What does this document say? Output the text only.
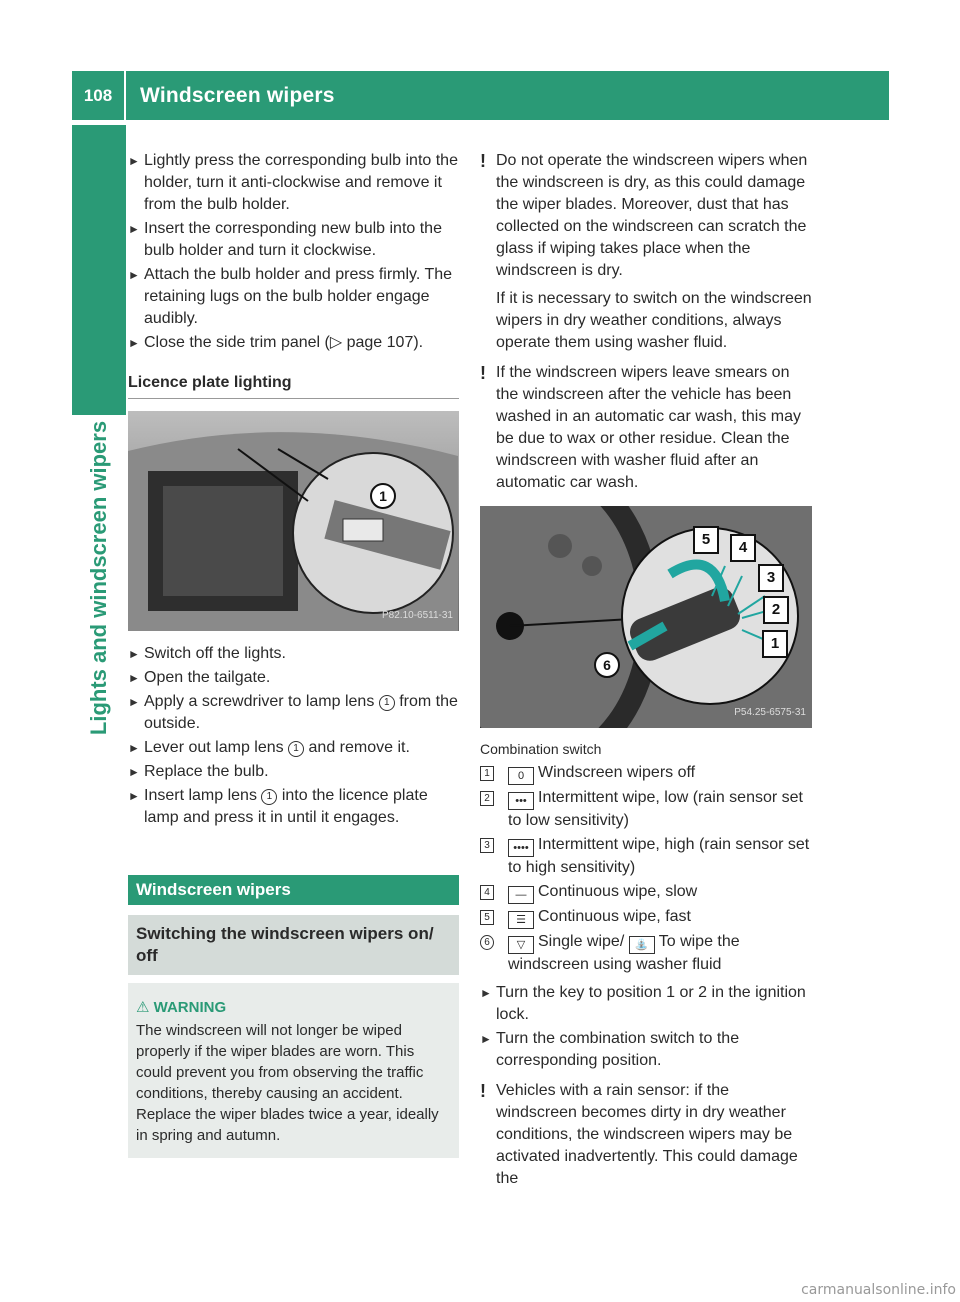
108	Windscreen wipers
Lights and windscreen wipers
► Lightly press the corresponding bulb into the holder, turn it anti-clockwise and remove it from the bulb holder.
► Insert the corresponding new bulb into the bulb holder and turn it clockwise.
► Attach the bulb holder and press firmly. The retaining lugs on the bulb holder engage audibly.
► Close the side trim panel (▷ page 107).
Licence plate lighting
1
P82.10-6511-31
► Switch off the lights.
► Open the tailgate.
► Apply a screwdriver to lamp lens 1 from the outside.
► Lever out lamp lens 1 and remove it.
► Replace the bulb.
► Insert lamp lens 1 into the licence plate lamp and press it in until it engages.
Windscreen wipers
Switching the windscreen wipers on/ off
⚠ WARNING
The windscreen will not longer be wiped properly if the wiper blades are worn. This could prevent you from observing the traffic conditions, thereby causing an accident. Replace the wiper blades twice a year, ideally in spring and autumn.
! Do not operate the windscreen wipers when the windscreen is dry, as this could damage the wiper blades. Moreover, dust that has collected on the windscreen can scratch the glass if wiping takes place when the windscreen is dry.

If it is necessary to switch on the windscreen wipers in dry weather conditions, always operate them using washer fluid.

! If the windscreen wipers leave smears on the windscreen after the vehicle has been washed in an automatic car wash, this may be due to wax or other residue. Clean the windscreen with washer fluid after an automatic car wash.

5	4
3
2
1
6
P54.25-6575-31
Combination switch
1	0 Windscreen wipers off
2	••• Intermittent wipe, low (rain sensor set to low sensitivity)
3	•••• Intermittent wipe, high (rain sensor set to high sensitivity)
4	— Continuous wipe, slow
5	☰ Continuous wipe, fast
6	▽ Single wipe/ ⛲ To wipe the windscreen using washer fluid
► Turn the key to position 1 or 2 in the ignition lock.
► Turn the combination switch to the corresponding position.
! Vehicles with a rain sensor: if the windscreen becomes dirty in dry weather conditions, the windscreen wipers may be activated inadvertently. This could damage the

carmanualsonline.info
